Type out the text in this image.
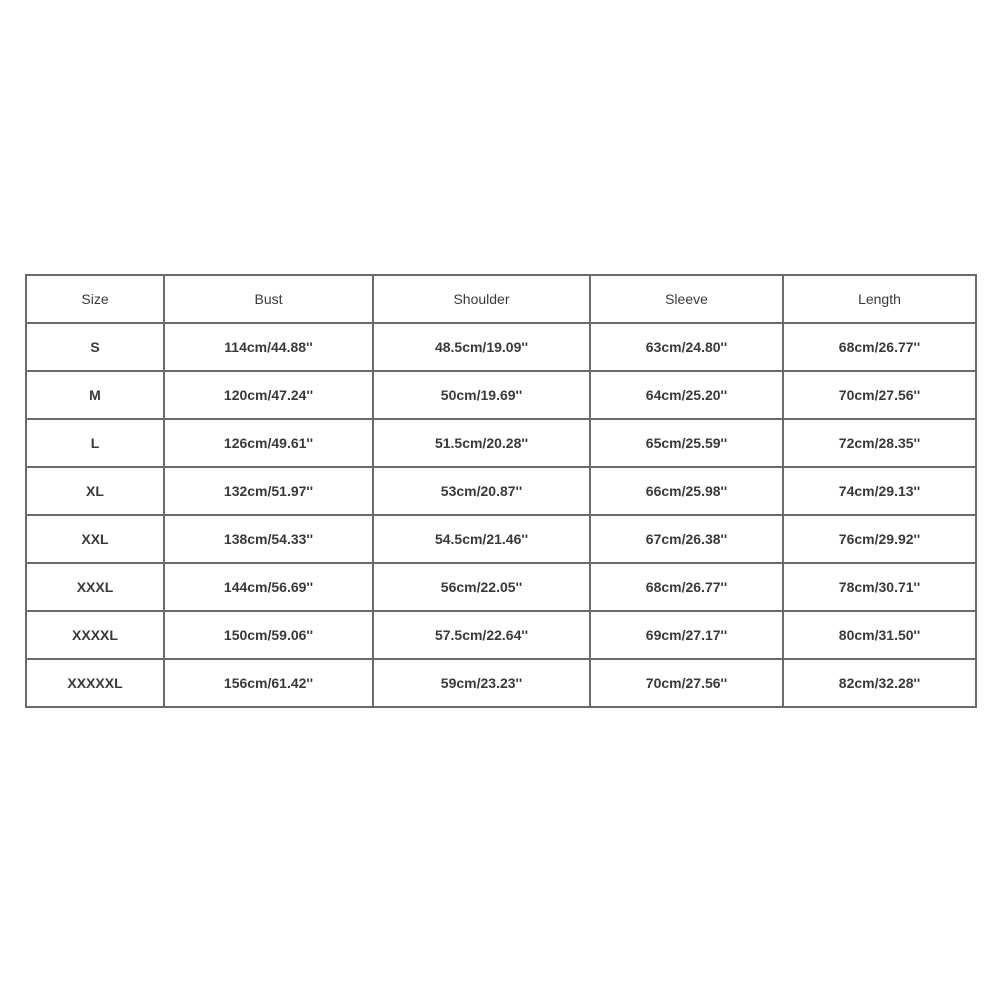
Size	Bust	Shoulder	Sleeve	Length
S	114cm/44.88''	48.5cm/19.09''	63cm/24.80''	68cm/26.77''
M	120cm/47.24''	50cm/19.69''	64cm/25.20''	70cm/27.56''
L	126cm/49.61''	51.5cm/20.28''	65cm/25.59''	72cm/28.35''
XL	132cm/51.97''	53cm/20.87''	66cm/25.98''	74cm/29.13''
XXL	138cm/54.33''	54.5cm/21.46''	67cm/26.38''	76cm/29.92''
XXXL	144cm/56.69''	56cm/22.05''	68cm/26.77''	78cm/30.71''
XXXXL	150cm/59.06''	57.5cm/22.64''	69cm/27.17''	80cm/31.50''
XXXXXL	156cm/61.42''	59cm/23.23''	70cm/27.56''	82cm/32.28''
